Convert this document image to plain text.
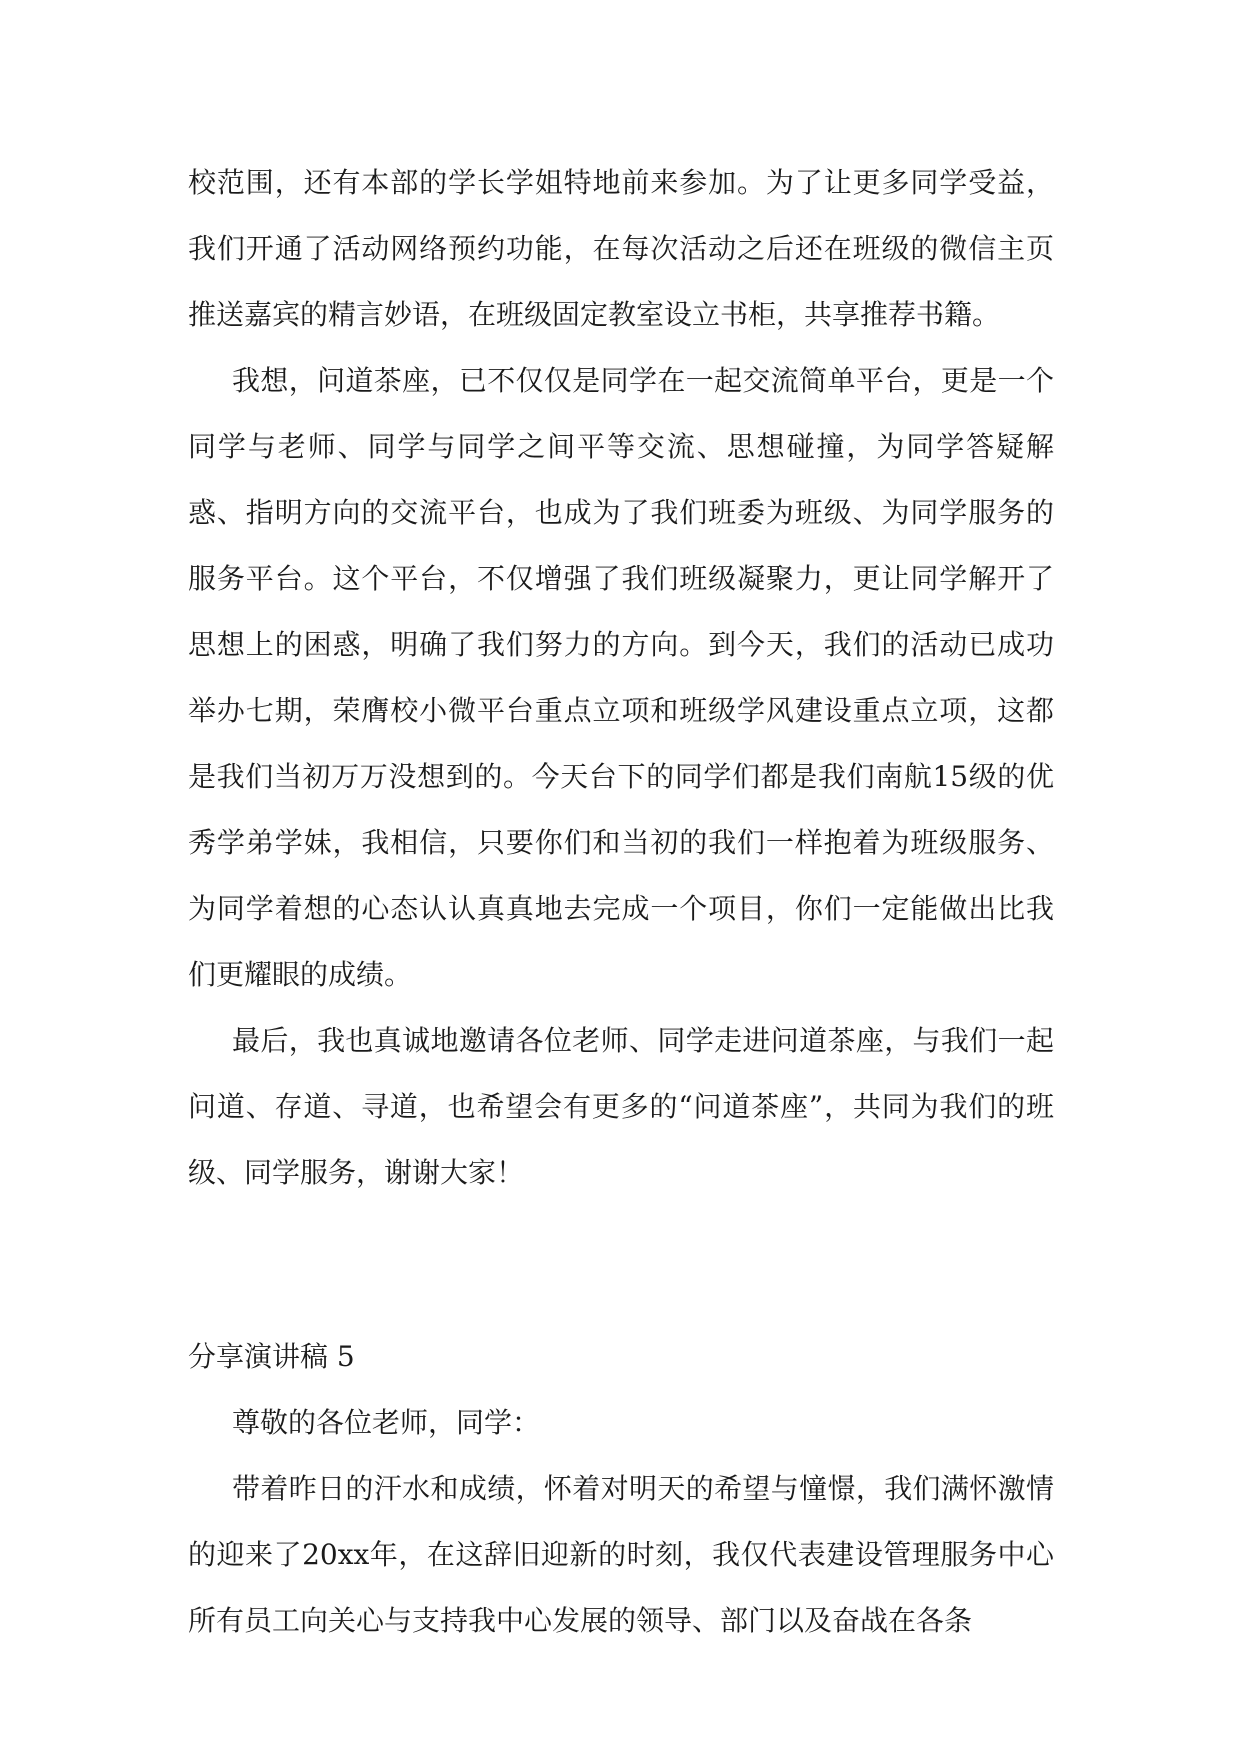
校范围，还有本部的学长学姐特地前来参加。为了让更多同学受益，我们开通了活动网络预约功能，在每次活动之后还在班级的微信主页推送嘉宾的精言妙语，在班级固定教室设立书柜，共享推荐书籍。

我想，问道茶座，已不仅仅是同学在一起交流简单平台，更是一个同学与老师、同学与同学之间平等交流、思想碰撞，为同学答疑解惑、指明方向的交流平台，也成为了我们班委为班级、为同学服务的服务平台。这个平台，不仅增强了我们班级凝聚力，更让同学解开了思想上的困惑，明确了我们努力的方向。到今天，我们的活动已成功举办七期，荣膺校小微平台重点立项和班级学风建设重点立项，这都是我们当初万万没想到的。今天台下的同学们都是我们南航15级的优秀学弟学妹，我相信，只要你们和当初的我们一样抱着为班级服务、为同学着想的心态认认真真地去完成一个项目，你们一定能做出比我们更耀眼的成绩。

最后，我也真诚地邀请各位老师、同学走进问道茶座，与我们一起问道、存道、寻道，也希望会有更多的“问道茶座”，共同为我们的班级、同学服务，谢谢大家！

分享演讲稿 5

尊敬的各位老师，同学：

带着昨日的汗水和成绩，怀着对明天的希望与憧憬，我们满怀激情的迎来了20xx年，在这辞旧迎新的时刻，我仅代表建设管理服务中心所有员工向关心与支持我中心发展的领导、部门以及奋战在各条
